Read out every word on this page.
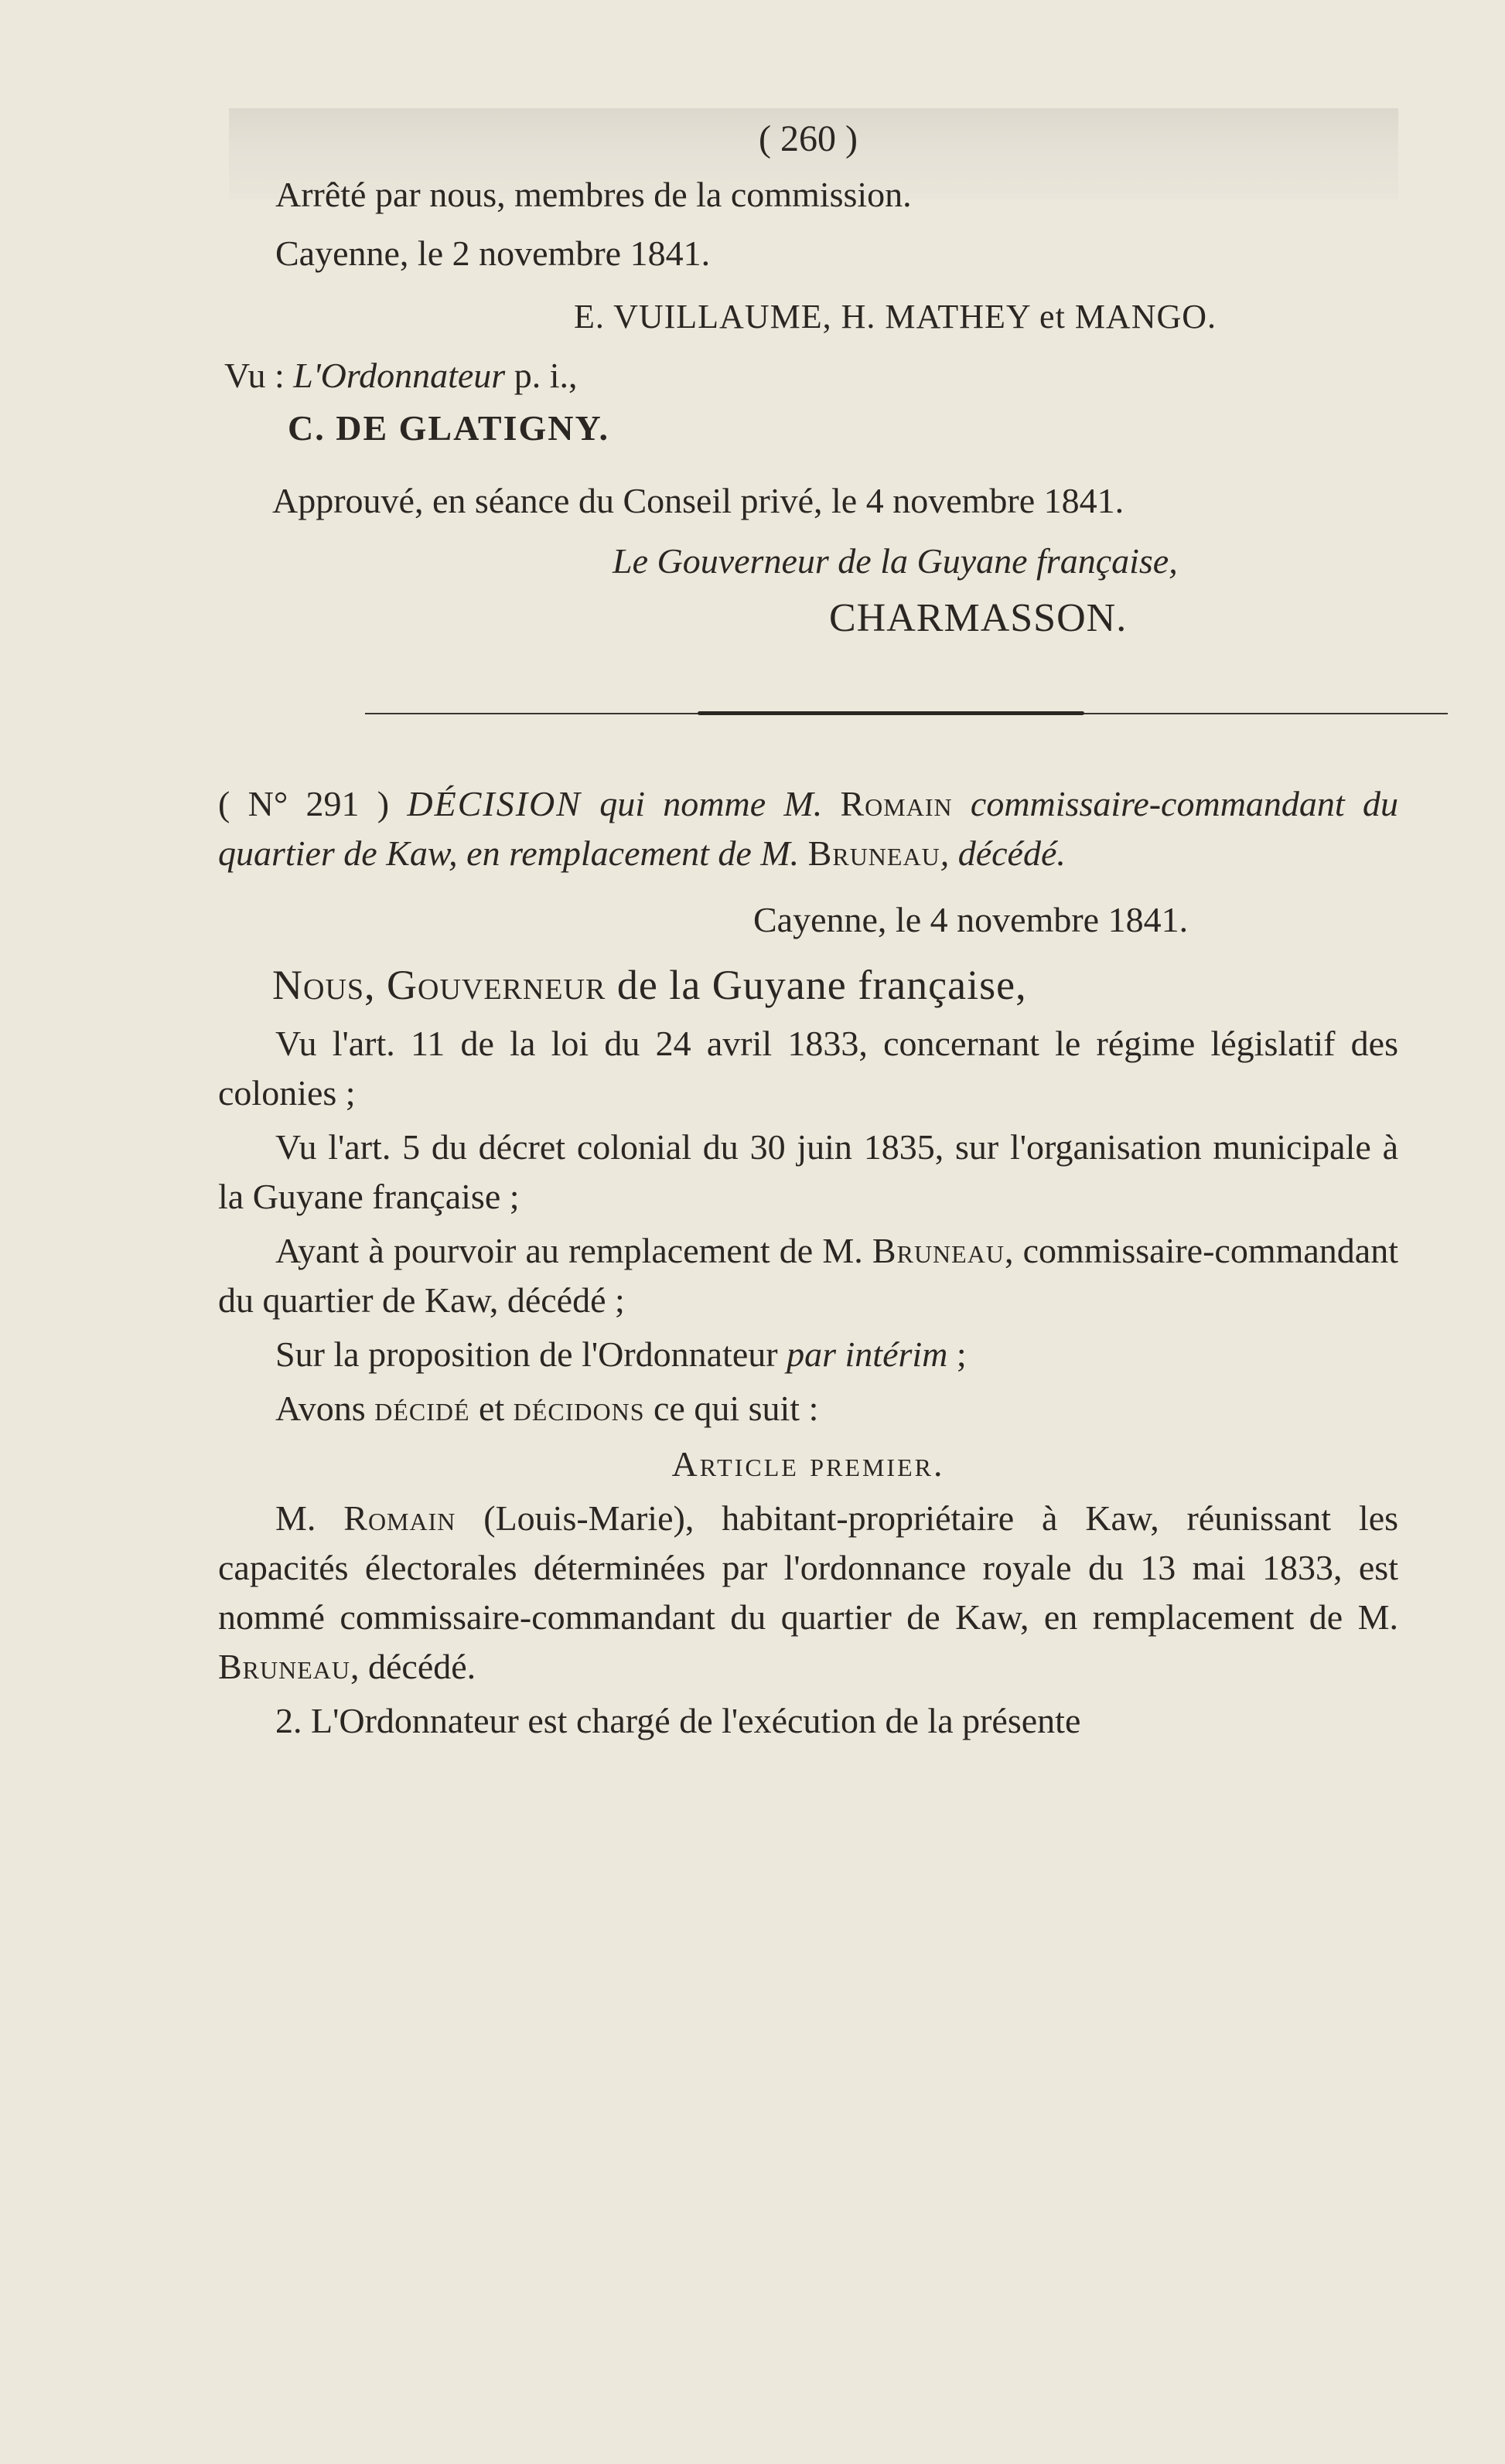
( 260 )

Arrêté par nous, membres de la commission.

Cayenne, le 2 novembre 1841.

E. VUILLAUME, H. MATHEY et MANGO.

Vu : L'Ordonnateur p. i.,

C. DE GLATIGNY.

Approuvé, en séance du Conseil privé, le 4 novembre 1841.

Le Gouverneur de la Guyane française,

CHARMASSON.

( N° 291 ) DÉCISION qui nomme M. Romain commissaire-commandant du quartier de Kaw, en remplacement de M. Bruneau, décédé.

Cayenne, le 4 novembre 1841.

Nous, Gouverneur de la Guyane française,

Vu l'art. 11 de la loi du 24 avril 1833, concernant le régime législatif des colonies ;

Vu l'art. 5 du décret colonial du 30 juin 1835, sur l'organisation municipale à la Guyane française ;

Ayant à pourvoir au remplacement de M. Bruneau, commissaire-commandant du quartier de Kaw, décédé ;

Sur la proposition de l'Ordonnateur par intérim ;

Avons décidé et décidons ce qui suit :

Article premier.

M. Romain (Louis-Marie), habitant-propriétaire à Kaw, réunissant les capacités électorales déterminées par l'ordonnance royale du 13 mai 1833, est nommé commissaire-commandant du quartier de Kaw, en remplacement de M. Bruneau, décédé.

2. L'Ordonnateur est chargé de l'exécution de la présente
